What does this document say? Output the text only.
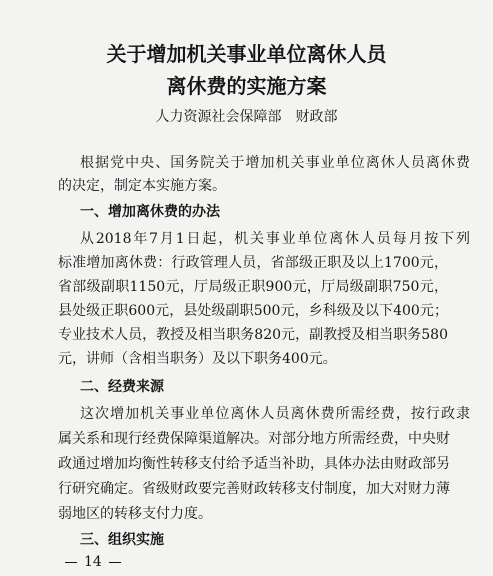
关于增加机关事业单位离休人员
离休费的实施方案
人力资源社会保障部　财政部
根据党中央、国务院关于增加机关事业单位离休人员离休费
的决定，制定本实施方案。
一、增加离休费的办法
从2018年7月1日起，机关事业单位离休人员每月按下列
标准增加离休费：行政管理人员，省部级正职及以上1700元，
省部级副职1150元，厅局级正职900元，厅局级副职750元，
县处级正职600元，县处级副职500元，乡科级及以下400元；
专业技术人员，教授及相当职务820元，副教授及相当职务580
元，讲师（含相当职务）及以下职务400元。
二、经费来源
这次增加机关事业单位离休人员离休费所需经费，按行政隶
属关系和现行经费保障渠道解决。对部分地方所需经费，中央财
政通过增加均衡性转移支付给予适当补助，具体办法由财政部另
行研究确定。省级财政要完善财政转移支付制度，加大对财力薄
弱地区的转移支付力度。
三、组织实施
14
